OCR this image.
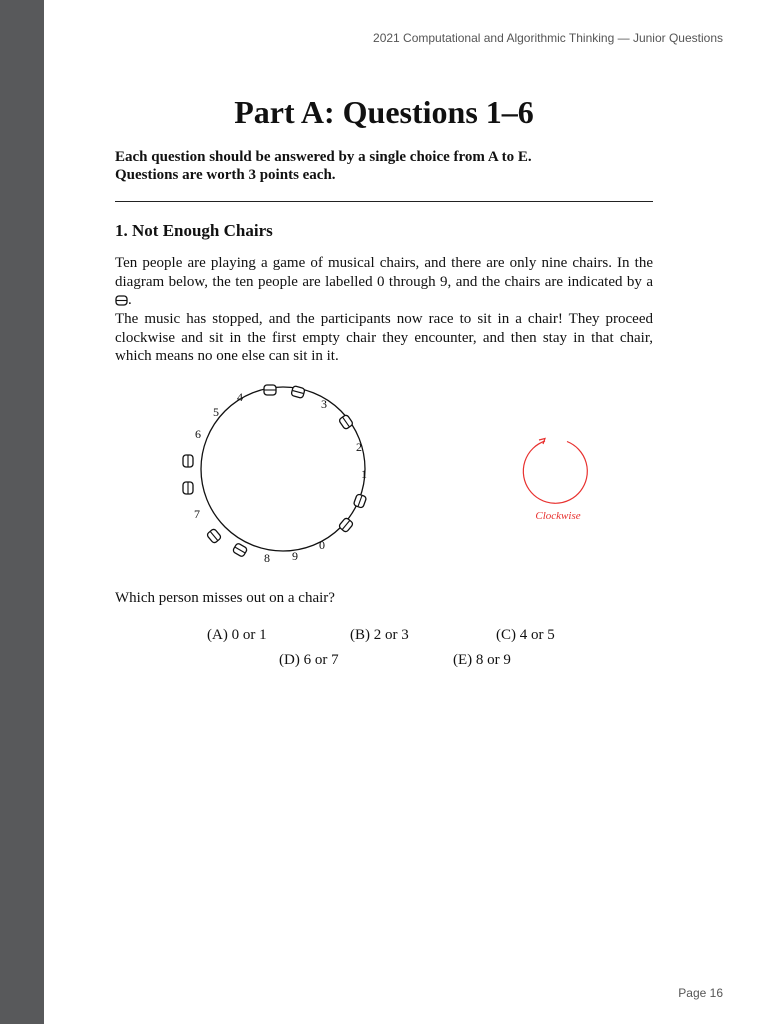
2021 Computational and Algorithmic Thinking — Junior Questions
Part A: Questions 1–6
Each question should be answered by a single choice from A to E.
Questions are worth 3 points each.
1. Not Enough Chairs

Ten people are playing a game of musical chairs, and there are only nine chairs. In the diagram below, the ten people are labelled 0 through 9, and the chairs are indicated by a .

The music has stopped, and the participants now race to sit in a chair! They proceed clockwise and sit in the first empty chair they encounter, and then stay in that chair, which means no one else can sit in it.

0
1
2
3
4
5
6
7
8 9
Clockwise

Which person misses out on a chair?

(A) 0 or 1	(B) 2 or 3	(C) 4 or 5
(D) 6 or 7	(E) 8 or 9
Page 16
